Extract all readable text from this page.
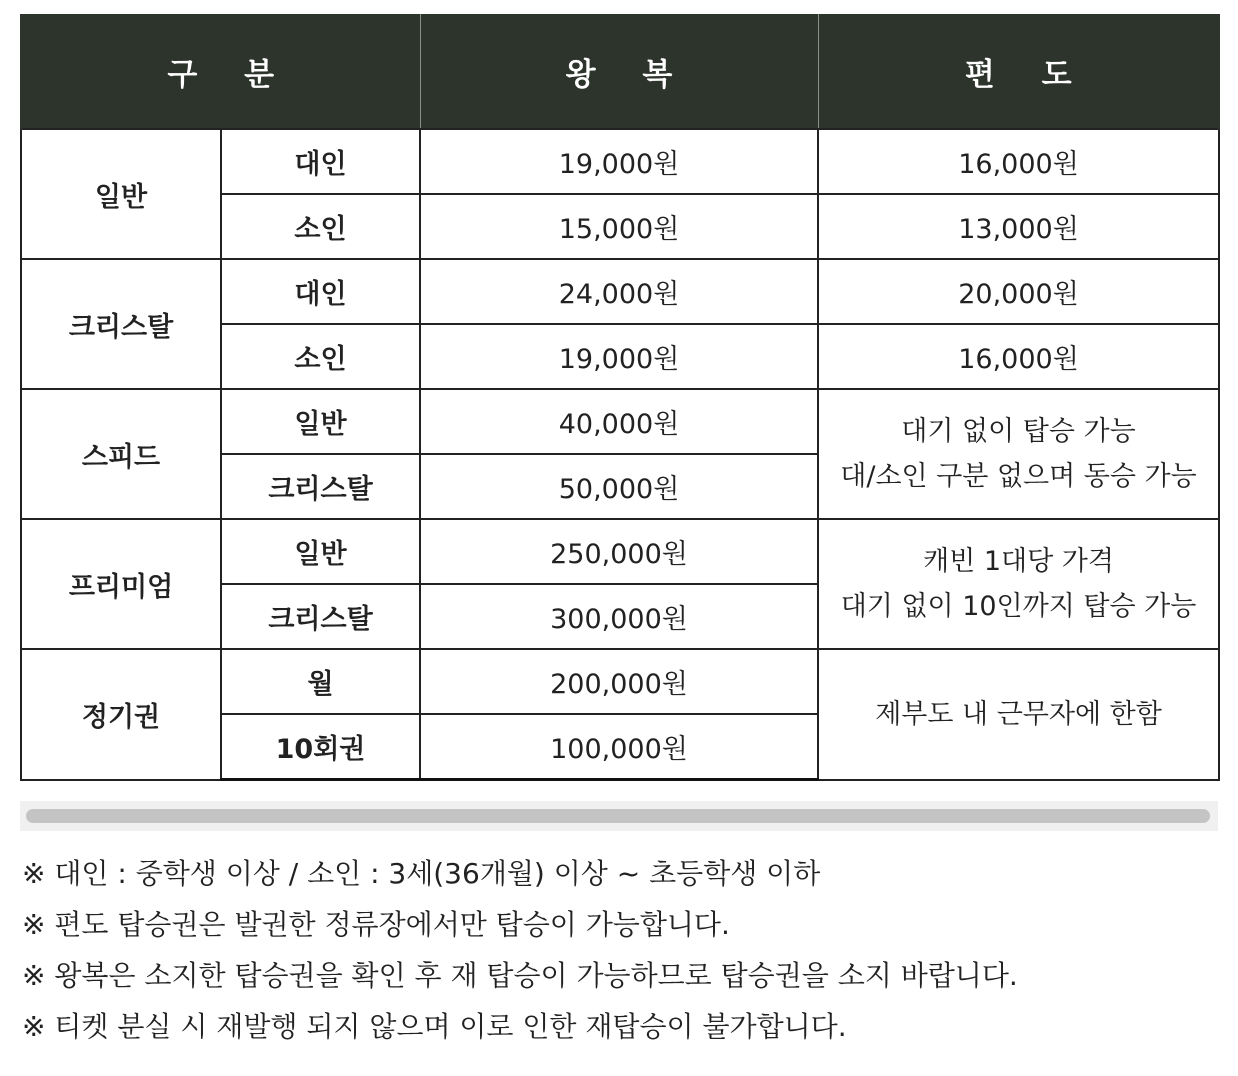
구 분		왕 복	편 도
일반	대인	19,000원	16,000원
	소인	15,000원	13,000원
크리스탈	대인	24,000원	20,000원
	소인	19,000원	16,000원
스피드	일반	40,000원	대기 없이 탑승 가능
대/소인 구분 없으며 동승 가능

	크리스탈	50,000원	
프리미엄	일반	250,000원	캐빈 1대당 가격
대기 없이 10인까지 탑승 가능

	크리스탈	300,000원	
정기권	월	200,000원	제부도 내 근무자에 한함

	10회권	100,000원	

※ 대인 : 중학생 이상 / 소인 : 3세(36개월) 이상 ~ 초등학생 이하

※ 편도 탑승권은 발권한 정류장에서만 탑승이 가능합니다.

※ 왕복은 소지한 탑승권을 확인 후 재 탑승이 가능하므로 탑승권을 소지 바랍니다.

※ 티켓 분실 시 재발행 되지 않으며 이로 인한 재탑승이 불가합니다.
